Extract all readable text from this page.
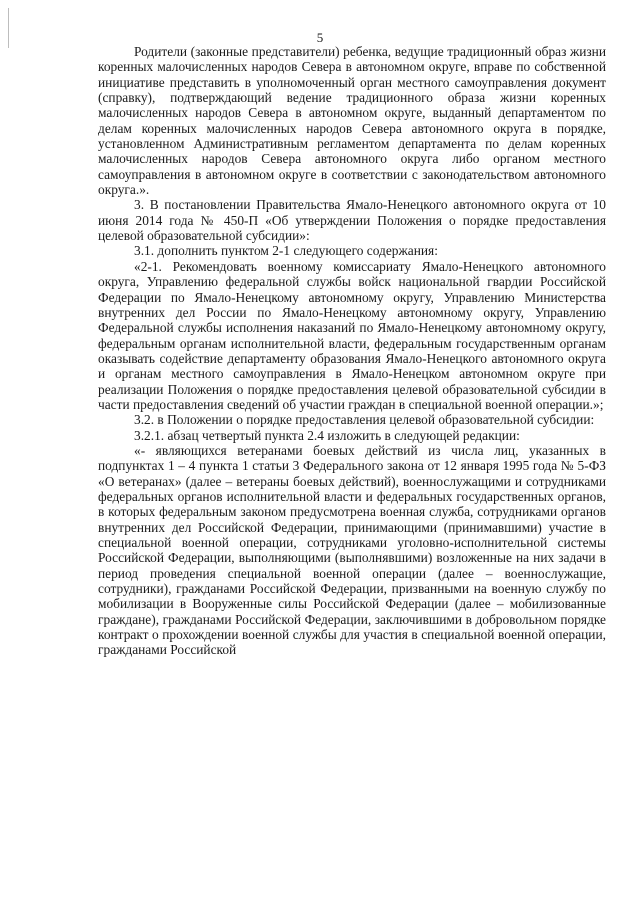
5

Родители (законные представители) ребенка, ведущие традиционный образ жизни коренных малочисленных народов Севера в автономном округе, вправе по собственной инициативе представить в уполномоченный орган местного самоуправления документ (справку), подтверждающий ведение традиционного образа жизни коренных малочисленных народов Севера в автономном округе, выданный департаментом по делам коренных малочисленных народов Севера автономного округа в порядке, установленном Административным регламентом департамента по делам коренных малочисленных народов Севера автономного округа либо органом местного самоуправления в автономном округе в соответствии с законодательством автономного округа.».

3. В постановлении Правительства Ямало-Ненецкого автономного округа от 10 июня 2014 года № 450-П «Об утверждении Положения о порядке предоставления целевой образовательной субсидии»:

3.1. дополнить пунктом 2-1 следующего содержания:

«2-1. Рекомендовать военному комиссариату Ямало-Ненецкого автономного округа, Управлению федеральной службы войск национальной гвардии Российской Федерации по Ямало-Ненецкому автономному округу, Управлению Министерства внутренних дел России по Ямало-Ненецкому автономному округу, Управлению Федеральной службы исполнения наказаний по Ямало-Ненецкому автономному округу, федеральным органам исполнительной власти, федеральным государственным органам оказывать содействие департаменту образования Ямало-Ненецкого автономного округа и органам местного самоуправления в Ямало-Ненецком автономном округе при реализации Положения о порядке предоставления целевой образовательной субсидии в части предоставления сведений об участии граждан в специальной военной операции.»;

3.2. в Положении о порядке предоставления целевой образовательной субсидии:

3.2.1. абзац четвертый пункта 2.4 изложить в следующей редакции:

«- являющихся ветеранами боевых действий из числа лиц, указанных в подпунктах 1 – 4 пункта 1 статьи 3 Федерального закона от 12 января 1995 года № 5-ФЗ «О ветеранах» (далее – ветераны боевых действий), военнослужащими и сотрудниками федеральных органов исполнительной власти и федеральных государственных органов, в которых федеральным законом предусмотрена военная служба, сотрудниками органов внутренних дел Российской Федерации, принимающими (принимавшими) участие в специальной военной операции, сотрудниками уголовно-исполнительной системы Российской Федерации, выполняющими (выполнявшими) возложенные на них задачи в период проведения специальной военной операции (далее – военнослужащие, сотрудники), гражданами Российской Федерации, призванными на военную службу по мобилизации в Вооруженные силы Российской Федерации (далее – мобилизованные граждане), гражданами Российской Федерации, заключившими в добровольном порядке контракт о прохождении военной службы для участия в специальной военной операции, гражданами Российской
